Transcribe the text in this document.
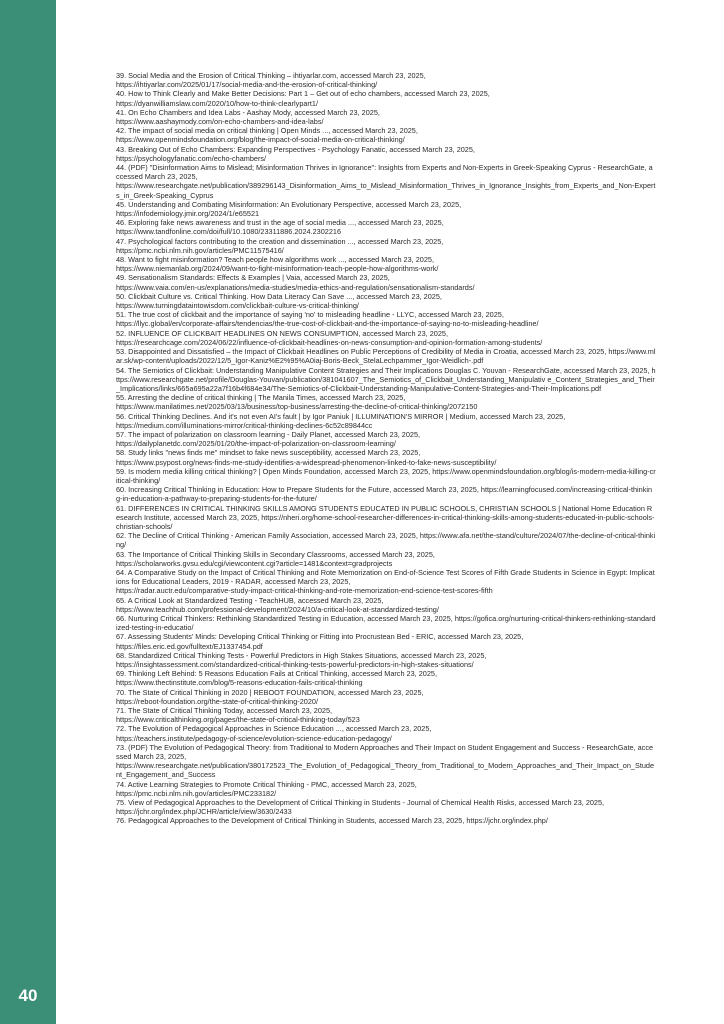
40

39. Social Media and the Erosion of Critical Thinking – ihtiyarlar.com, accessed March 23, 2025,
https://ihtiyarlar.com/2025/01/17/social-media-and-the-erosion-of-critical-thinking/

40. How to Think Clearly and Make Better Decisions: Part 1 – Get out of echo chambers, accessed March 23, 2025,
https://dyanwilliamslaw.com/2020/10/how-to-think-clearlypart1/

41. On Echo Chambers and Idea Labs - Aashay Mody, accessed March 23, 2025,
https://www.aashaymody.com/on-echo-chambers-and-idea-labs/

42. The impact of social media on critical thinking | Open Minds ..., accessed March 23, 2025,
https://www.openmindsfoundation.org/blog/the-impact-of-social-media-on-critical-thinking/

43. Breaking Out of Echo Chambers: Expanding Perspectives - Psychology Fanatic, accessed March 23, 2025,
https://psychologyfanatic.com/echo-chambers/

44. (PDF) "Disinformation Aims to Mislead; Misinformation Thrives in Ignorance": Insights from Experts and Non-Experts in Greek-Speaking Cyprus - ResearchGate, accessed March 23, 2025,
https://www.researchgate.net/publication/389296143_Disinformation_Aims_to_Mislead_Misinformation_Thrives_in_Ignorance_Insights_from_Experts_and_Non-Experts_in_Greek-Speaking_Cyprus

45. Understanding and Combating Misinformation: An Evolutionary Perspective, accessed March 23, 2025,
https://infodemiology.jmir.org/2024/1/e65521

46. Exploring fake news awareness and trust in the age of social media ..., accessed March 23, 2025,
https://www.tandfonline.com/doi/full/10.1080/23311886.2024.2302216

47. Psychological factors contributing to the creation and dissemination ..., accessed March 23, 2025,
https://pmc.ncbi.nlm.nih.gov/articles/PMC11575416/

48. Want to fight misinformation? Teach people how algorithms work ..., accessed March 23, 2025,
https://www.niemanlab.org/2024/09/want-to-fight-misinformation-teach-people-how-algorithms-work/

49. Sensationalism Standards: Effects & Examples | Vaia, accessed March 23, 2025,
https://www.vaia.com/en-us/explanations/media-studies/media-ethics-and-regulation/sensationalism-standards/

50. Clickbait Culture vs. Critical Thinking. How Data Literacy Can Save ..., accessed March 23, 2025,
https://www.turningdataintowisdom.com/clickbait-culture-vs-critical-thinking/

51. The true cost of clickbait and the importance of saying 'no' to misleading headline - LLYC, accessed March 23, 2025,
https://llyc.global/en/corporate-affairs/tendencias/the-true-cost-of-clickbait-and-the-importance-of-saying-no-to-misleading-headline/

52. INFLUENCE OF CLICKBAIT HEADLINES ON NEWS CONSUMPTION, accessed March 23, 2025,
https://researchcage.com/2024/06/22/influence-of-clickbait-headlines-on-news-consumption-and-opinion-formation-among-students/

53. Disappointed and Dissatisfied – the Impact of Clickbait Headlines on Public Perceptions of Credibility of Media in Croatia, accessed March 23, 2025, https://www.mlar.sk/wp-content/uploads/2022/12/5_Igor-Kaniz%E2%95%A0iaj-Boris-Beck_StelaLechpammer_Igor-Weidlich-.pdf

54. The Semiotics of Clickbait: Understanding Manipulative Content Strategies and Their Implications Douglas C. Youvan - ResearchGate, accessed March 23, 2025, https://www.researchgate.net/profile/Douglas-Youvan/publication/381041607_The_Semiotics_of_Clickbait_Understanding_Manipulativ e_Content_Strategies_and_Their_Implications/links/665a695a22a7f16b4f684e34/The-Semiotics-of-Clickbait-Understanding-Manipulative-Content-Strategies-and-Their-Implications.pdf

55. Arresting the decline of critical thinking | The Manila Times, accessed March 23, 2025,
https://www.manilatimes.net/2025/03/13/business/top-business/arresting-the-decline-of-critical-thinking/2072150

56. Critical Thinking Declines. And it's not even AI's fault | by Igor Paniuk | ILLUMINATION'S MIRROR | Medium, accessed March 23, 2025,
https://medium.com/illuminations-mirror/critical-thinking-declines-6c52c89844cc

57. The impact of polarization on classroom learning - Daily Planet, accessed March 23, 2025,
https://dailyplanetdc.com/2025/01/20/the-impact-of-polarization-on-classroom-learning/

58. Study links "news finds me" mindset to fake news susceptibility, accessed March 23, 2025,
https://www.psypost.org/news-finds-me-study-identifies-a-widespread-phenomenon-linked-to-fake-news-susceptibility/

59. Is modern media killing critical thinking? | Open Minds Foundation, accessed March 23, 2025, https://www.openmindsfoundation.org/blog/is-modern-media-killing-critical-thinking/

60. Increasing Critical Thinking in Education: How to Prepare Students for the Future, accessed March 23, 2025, https://learningfocused.com/increasing-critical-thinking-in-education-a-pathway-to-preparing-students-for-the-future/

61. DIFFERENCES IN CRITICAL THINKING SKILLS AMONG STUDENTS EDUCATED IN PUBLIC SCHOOLS, CHRISTIAN SCHOOLS | National Home Education Research Institute, accessed March 23, 2025, https://nheri.org/home-school-researcher-differences-in-critical-thinking-skills-among-students-educated-in-public-schools-christian-schools/

62. The Decline of Critical Thinking - American Family Association, accessed March 23, 2025, https://www.afa.net/the-stand/culture/2024/07/the-decline-of-critical-thinking/

63. The Importance of Critical Thinking Skills in Secondary Classrooms, accessed March 23, 2025,
https://scholarworks.gvsu.edu/cgi/viewcontent.cgi?article=1481&context=gradprojects

64. A Comparative Study on the Impact of Critical Thinking and Rote Memorization on End-of-Science Test Scores of Fifth Grade Students in Science in Egypt: Implications for Educational Leaders, 2019 - RADAR, accessed March 23, 2025,
https://radar.auctr.edu/comparative-study-impact-critical-thinking-and-rote-memorization-end-science-test-scores-fifth

65. A Critical Look at Standardized Testing - TeachHUB, accessed March 23, 2025,
https://www.teachhub.com/professional-development/2024/10/a-critical-look-at-standardized-testing/

66. Nurturing Critical Thinkers: Rethinking Standardized Testing in Education, accessed March 23, 2025, https://gofica.org/nurturing-critical-thinkers-rethinking-standardized-testing-in-educatio/

67. Assessing Students' Minds: Developing Critical Thinking or Fitting into Procrustean Bed - ERIC, accessed March 23, 2025,
https://files.eric.ed.gov/fulltext/EJ1337454.pdf

68. Standardized Critical Thinking Tests - Powerful Predictors in High Stakes Situations, accessed March 23, 2025,
https://insightassessment.com/standardized-critical-thinking-tests-powerful-predictors-in-high-stakes-situations/

69. Thinking Left Behind: 5 Reasons Education Fails at Critical Thinking, accessed March 23, 2025,
https://www.thectinstitute.com/blog/5-reasons-education-fails-critical-thinking

70. The State of Critical Thinking in 2020 | REBOOT FOUNDATION, accessed March 23, 2025,
https://reboot-foundation.org/the-state-of-critical-thinking-2020/

71. The State of Critical Thinking Today, accessed March 23, 2025,
https://www.criticalthinking.org/pages/the-state-of-critical-thinking-today/523

72. The Evolution of Pedagogical Approaches in Science Education ..., accessed March 23, 2025,
https://teachers.institute/pedagogy-of-science/evolution-science-education-pedagogy/

73. (PDF) The Evolution of Pedagogical Theory: from Traditional to Modern Approaches and Their Impact on Student Engagement and Success - ResearchGate, accessed March 23, 2025,
https://www.researchgate.net/publication/380172523_The_Evolution_of_Pedagogical_Theory_from_Traditional_to_Modern_Approaches_and_Their_Impact_on_Student_Engagement_and_Success

74. Active Learning Strategies to Promote Critical Thinking - PMC, accessed March 23, 2025,
https://pmc.ncbi.nlm.nih.gov/articles/PMC233182/

75. View of Pedagogical Approaches to the Development of Critical Thinking in Students - Journal of Chemical Health Risks, accessed March 23, 2025,
https://jchr.org/index.php/JCHR/article/view/3630/2433

76. Pedagogical Approaches to the Development of Critical Thinking in Students, accessed March 23, 2025, https://jchr.org/index.php/
